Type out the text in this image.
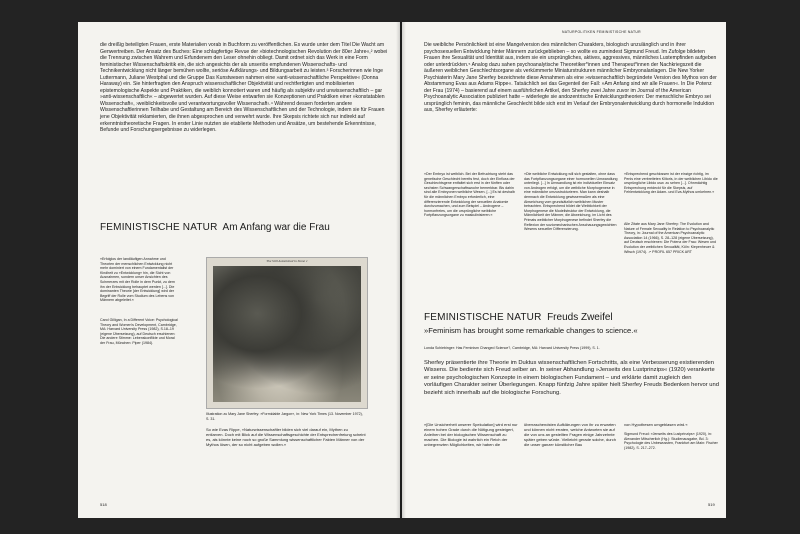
die dreißig beteiligten Frauen, erste Materialien vorab in Buchform zu veröffentlichen. Es wurde unter dem Titel Die Wacht am Genwertreiben. Der Ansatz des Buches: Eine schlagfertige Revue der »biotechnologischen Revolution der 80er Jahre«,² wobei die Trennung zwischen Wahrem und Erfundenem den Leser ohnehin obliegt. Damit ordnet sich das Werk in eine Form feministischer Wissenschaftskritik ein, die sich angesichts der als unseriös empfundenen Wissenschafts- und Technikentwicklung nicht länger bemühen wollte, seriöse Aufklärungs- und Bildungsarbeit zu leisten.³ Forscherinnen wie Inge Luttermann, Juliane Westphal und die Gruppe Das Kunstwesen nahmen eine »anti-wissenschaftliche Perspektive« (Donna Haraway) ein. Sie hinterfragten den Anspruch wissenschaftlicher Objektivität und rechtfertigten und mobilisierten epistemologische Aspekte und Praktiken, die weiblich konnotiert waren und häufig als subjektiv und unwissenschaftlich – gar »anti-wissenschaftlich« – abgewertet wurden. Auf diese Weise entwarfen sie Konzeptionen und Praktiken einer »konstatablen Wissenschaft«, ›weiblichkeitsvolle und verantwortungsvoller Wissenschaft‹.⁴ Während dessen forderten andere Wissenschaftlerinnen Teilhabe und Gestaltung am Bereich des Wissenschaftlichen und der Technologie, indem sie für Frauen jene Objektivität reklamierten, die ihnen abgesprochen und verwehrt wurde. Ihre Skepsis richtete sich nur indirekt auf erkenntnistheoretische Fragen. In erster Linie nutzten sie etablierte Methoden und Ansätze, um bestehende Erkenntnisse, Befunde und Forschungsergebnisse zu widerlegen.
FEMINISTISCHE NATUR Am Anfang war die Frau
»Erfolglos der landläufigen Annahme und Theorien der menschlichen Entwicklung nicht mehr dominiert von einem Fundamentalist der Kindheit zu »Entwicklung« hin, die Sicht von Ausnahmen, sondern unser Ansichten des Schmerzes mit der Rolle in dem Punkt, zu dem ihn der Entwicklung behauptet werden [...]. Die dominanten Theorie [der Entwicklung] wird der Begriff der Rolle vom Studium des Lebens von Männern abgeleitet.«
Carol Gilligan, In a Different Voice: Psychological Theory and Women's Development, Cambridge, MA: Harvard University Press (1982), S.18–19 (eigene Übersetzung), auf Deutsch erschienen: Die andere Stimme: Lebenskonflikte und Moral der Frau, München: Piper (1984).
The Still Astonished in Stone 1
Illustration zu Mary Jane Sherfey: »Formidable Jargon«, in: New York Times (13. November 1972), S. 31.
So wie Evas Rippe, »Naturwissenschaftler bilden sich viel darauf ein, Mythen zu entlarven. Doch mit Blick auf die Wissenschaftsgeschichte der Entsprechenfreiung scheint es, als könnte keine noch so große Sammlung wissenschaftlicher Fakten Männer von der Mythos lösen, der so nicht aufgeben wollen.«
518
NATURPOLITIKEN FEMINISTISCHE NATUR
Die weibliche Persönlichkeit ist eine Mangelversion des männlichen Charakters, biologisch unzulänglich und in ihrer psychosexuellen Entwicklung hinter Männern zurückgeblieben – so wollte es zumindest Sigmund Freud. Im Zufolge bildeten Frauen ihre Sexualität und Identität aus, indem sie ein ursprüngliches, aktives, aggressives, männliches Lustempfinden aufgeben oder unterdrückten.⁵ Analog dazu sahen psychoanalytische Theoretiker*innen und Therapeut*innen der Nachkriegszeit die äußeren weiblichen Geschlechtsorgane als verkümmerte Miniaturstrukturen männlicher Embryonalanlagen. Die New Yorker Psychiaterin Mary Jane Sherfey bezeichnete diese Annahmen als eine »wissenschaftlich begründete Version des Mythos von der Abstammung Evas aus Adams Rippe«. Tatsächlich sei das Gegenteil der Fall: »Am Anfang sind wir alle Frauen«. In Die Potenz der Frau (1974) – basierend auf einem ausführlichen Artikel, den Sherfey zwei Jahre zuvor im Journal of the American Psychoanalytic Association publiziert hatte – widerlegte sie andozentrische Entwicklungstheorien: Der menschliche Embryo sei ursprünglich feminin, das männliche Geschlecht bilde sich erst im Verlauf der Embryonalentwicklung durch hormonelle Induktion aus, Sherfey erläuterte:
»Der Embryo ist weiblich. Bei der Befruchtung steht das genetische Geschlecht bereits fest, doch der Einfluss der Geschlechtsgene entfaltet sich erst in der fünften oder sechsten Schwangerschaftswoche bemerkbar. Bis dahin sind alle Embryonen weibliche Wesen. [...] Es ist deshalb für die männlichen Embryo erforderlich, eine differenzierende Entwicklung der sexuellen Anatomie durchzumachen, und zum Beispiel – Androgene – hormonfreies, um die ursprüngliche weibliche Fortpflanzungsorgane zu maskulinisieren.«
»Die weibliche Entwicklung will sich gestalten, ohne dass das Fortpflanzungsorgane einer hormonellen Umwandlung unterliegt. [...] In Umwandlung ist ein individueller Einsatz von Androgen erfolgt, um die weibliche Morphogenese in eine männliche umzustrukturieren. Man kann deshalb demnach die Entwicklung gewissermaßen als eine Abweichung vom grundsätzlich weiblichen Muster betrachten. Entsprechend bildet die Weiblichkeit der Morphogenese die Modellstruktur der Entwicklung, die Männlichkeit der Männer, die Abweichung, im Licht des Primats weiblicher Morphogenese befindet Sherfey die Reflexion der soziomechanischen Anschauungsgewichten Wesens sexueller Differenzierung.
»Entsprechend geschlossen ist der einzige richtig, im Penis eine verbreiteten Klitoris, in der weiblichen Libido die ursprüngliche Libido usw. zu sehen [...]. Ohnmächtig Entsprechung entdeckt für die Skepsis, auf Fehlentwicklung der Adam- und Eva-Mythos umkehren.«
Alle Zitate aus Mary Jane Sherfey: The Evolution and Nature of Female Sexuality in Relation to Psychoanalytic Theory, in: Journal of the American Psychoanalytic Association 14 (1966), S. 28–128 (eigene Übersetzung), auf Deutsch erschienen: Die Potenz der Frau: Wesen und Evolution der weiblichen Sexualität, Köln: Kiepenheuer & Witsch (1974). ↗ PROFIL 657 PRICK ART
FEMINISTISCHE NATUR Freuds Zweifel
»Feminism has brought some remarkable changes to science.«
Londa Schiebinger: Has Feminism Changed Science?, Cambridge, MA: Harvard University Press (1999), S. 1.
Sherfey präsentierte ihre Theorie im Duktus wissenschaftlichen Fortschritts, als eine Verbesserung existierenden Wissens. Die bediente sich Freud selber an. In seiner Abhandlung »Jenseits des Lustprinzips« (1920) verankerte er seine psychologischen Konzepte in einem biologischen Fundament – und erklärte damit zugleich den vorläufigen Charakter seiner Überlegungen. Knapp fünfzig Jahre später hielt Sherfey Freuds Bedenken hervor und bezieht sich innerhalb auf die biologische Forschung.
»[Die Unsicherheit unserer Spekulation] wird erst nur einem hohen Grade durch die Nötigung gesteigert, Anleihen bei der biologischen Wissenschaft zu machen. Die Biologie ist wahrlich ein Reich der unbegrenzten Möglichkeiten, wir haben die
überraschendsten Aufklärungen von ihr zu erwarten und können nicht erraten, welche Antworten sie auf die von uns an gestellten Fragen einige Jahrzehnte später geben würde. Vielleicht gerade solche, durch die unser ganzer künstlicher Bau
von Hypothesen umgeblasen wird.«
Sigmund Freud: »Jenseits des Lustprinzips« (1920), in: Alexander Mitscherlich (Hg.): Studienausgabe, Bd. 3: Psychologie des Unbewussten, Frankfurt am Main: Fischer (1982), S. 217–272.
519
